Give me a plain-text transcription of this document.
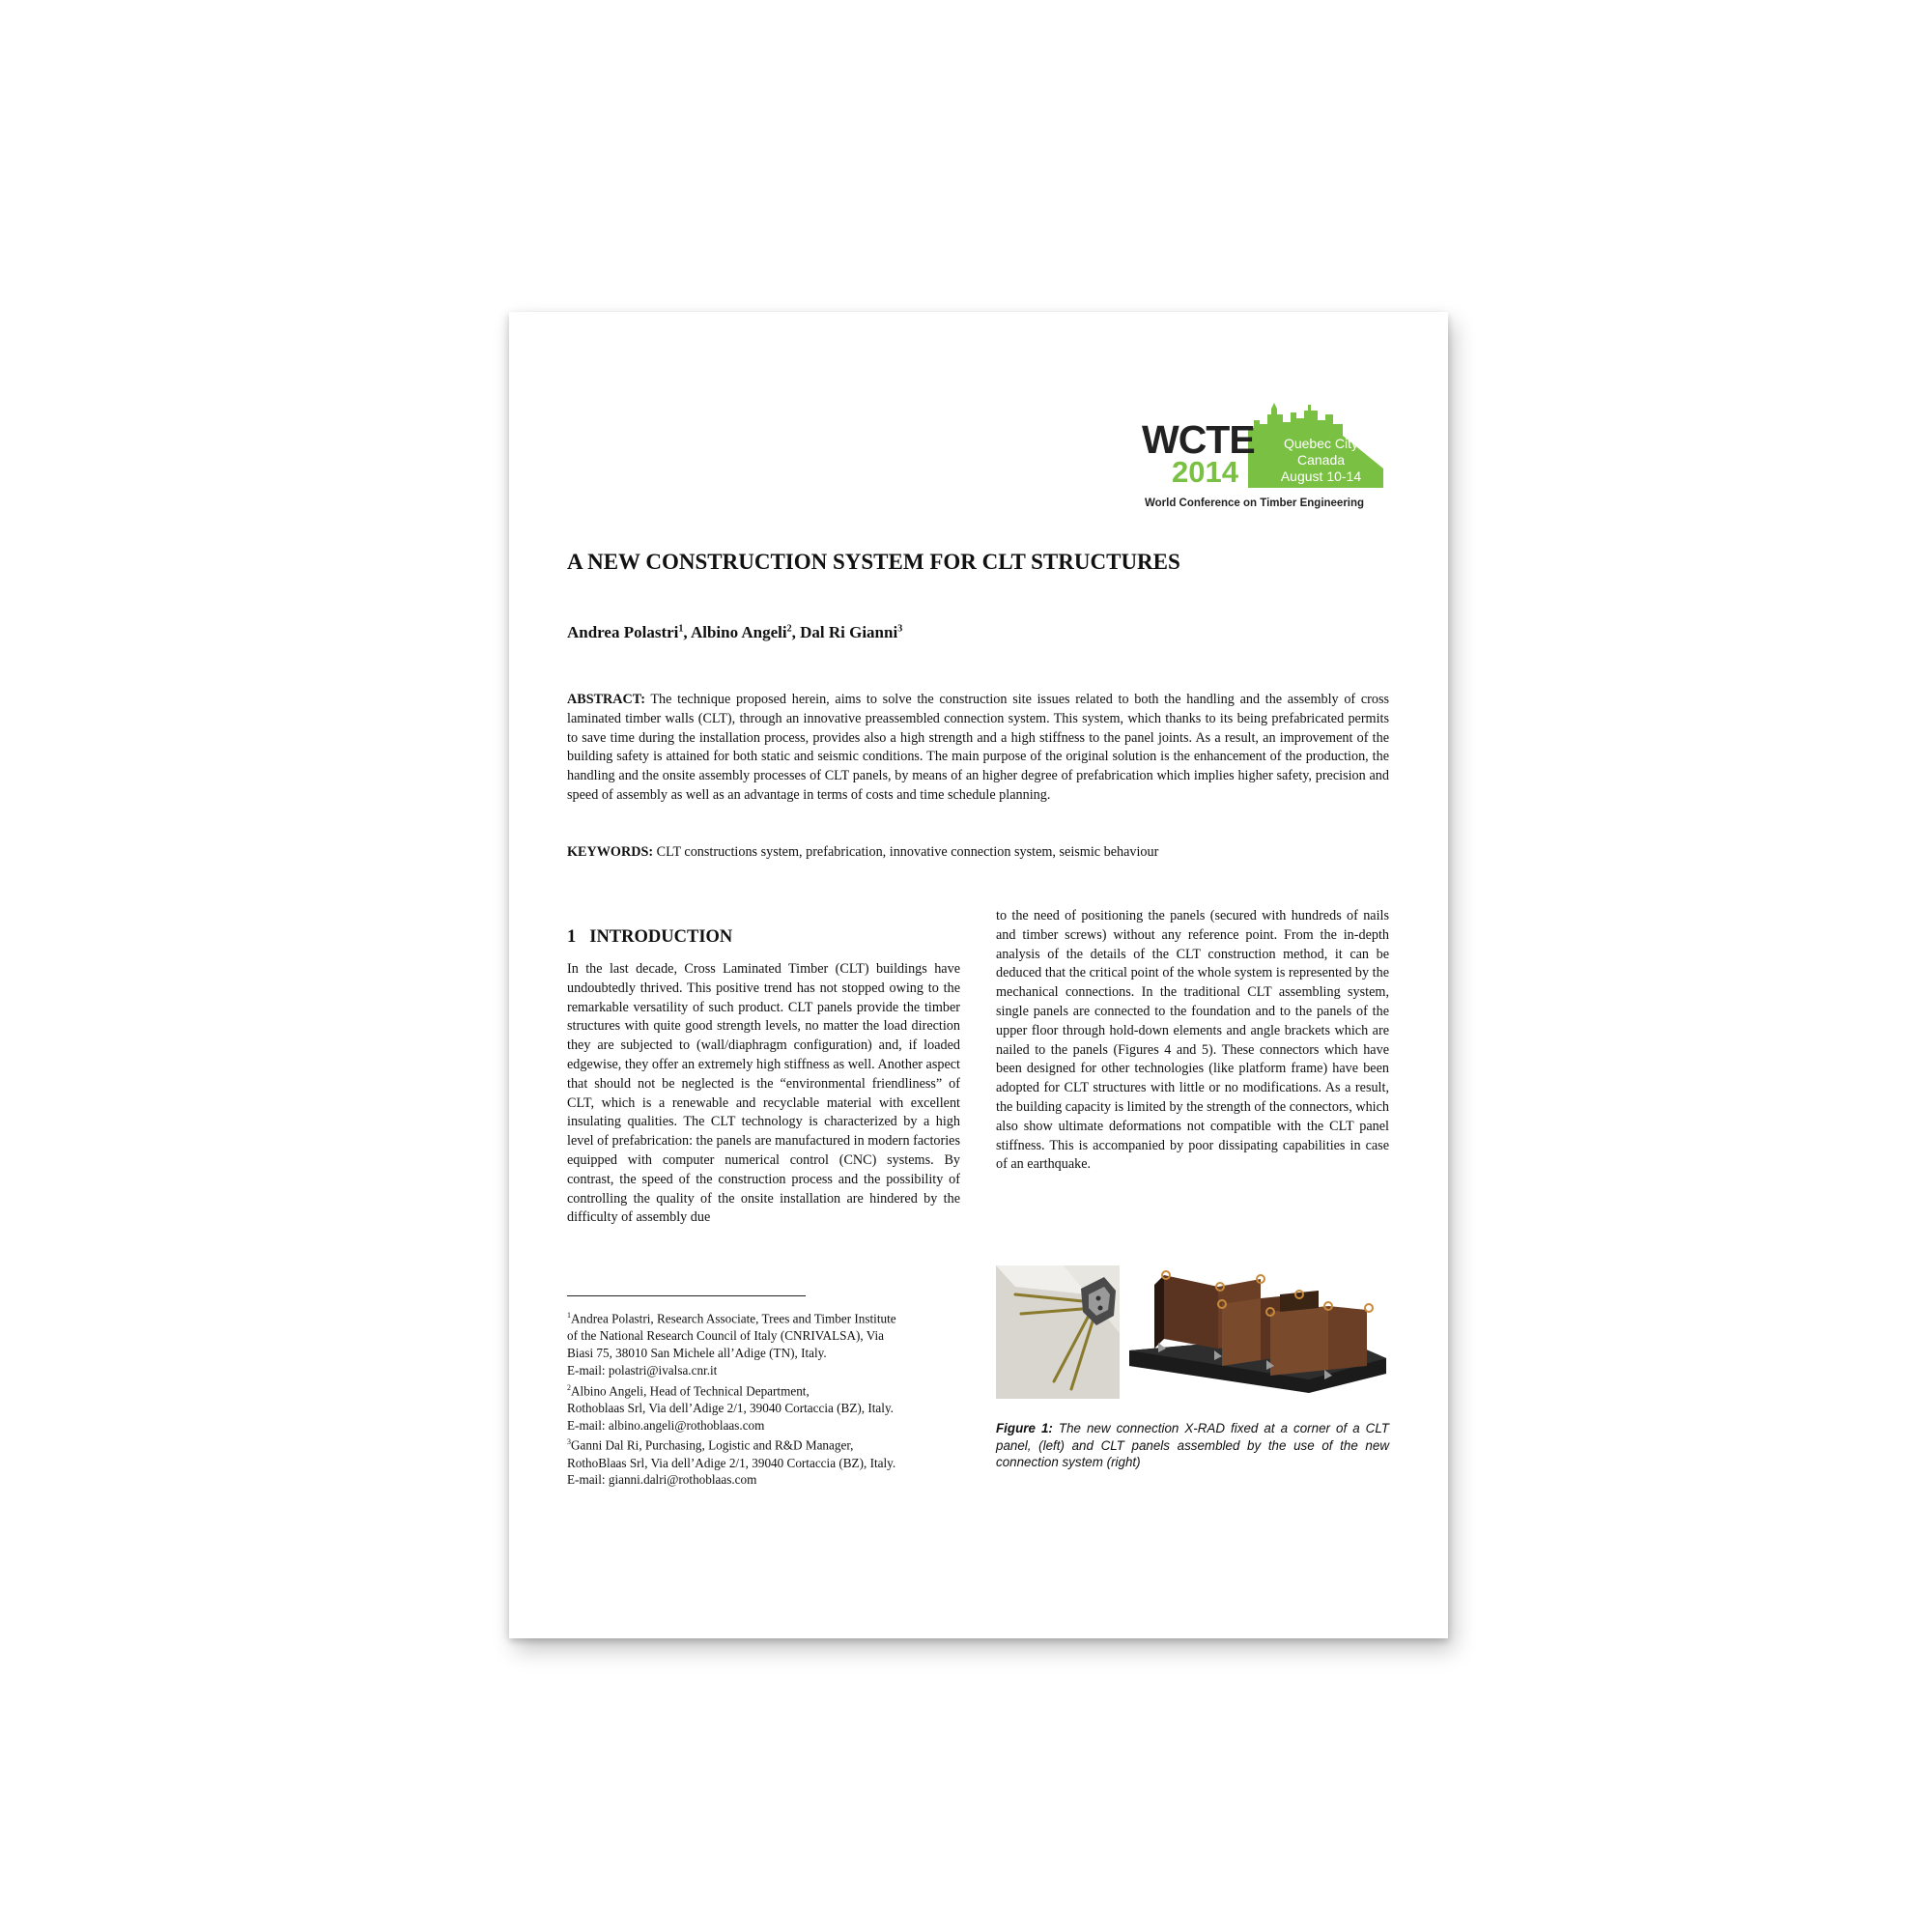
WCTE
2014
Quebec City
Canada
August 10-14
World Conference on Timber Engineering
A NEW CONSTRUCTION SYSTEM FOR CLT STRUCTURES
Andrea Polastri$^1$, Albino Angeli$^2$, Dal Ri Gianni$^3$
ABSTRACT: The technique proposed herein, aims to solve the construction site issues related to both the handling and the assembly of cross laminated timber walls (CLT), through an innovative preassembled connection system. This system, which thanks to its being prefabricated permits to save time during the installation process, provides also a high strength and a high stiffness to the panel joints. As a result, an improvement of the building safety is attained for both static and seismic conditions. The main purpose of the original solution is the enhancement of the production, the handling and the onsite assembly processes of CLT panels, by means of an higher degree of prefabrication which implies higher safety, precision and speed of assembly as well as an advantage in terms of costs and time schedule planning.
KEYWORDS: CLT constructions system, prefabrication, innovative connection system, seismic behaviour
1 INTRODUCTION
In the last decade, Cross Laminated Timber (CLT) buildings have undoubtedly thrived. This positive trend has not stopped owing to the remarkable versatility of such product. CLT panels provide the timber structures with quite good strength levels, no matter the load direction they are subjected to (wall/diaphragm configuration) and, if loaded edgewise, they offer an extremely high stiffness as well. Another aspect that should not be neglected is the “environmental friendliness” of CLT, which is a renewable and recyclable material with excellent insulating qualities. The CLT technology is characterized by a high level of prefabrication: the panels are manufactured in modern factories equipped with computer numerical control (CNC) systems. By contrast, the speed of the construction process and the possibility of controlling the quality of the onsite installation are hindered by the difficulty of assembly due
to the need of positioning the panels (secured with hundreds of nails and timber screws) without any reference point. From the in-depth analysis of the details of the CLT construction method, it can be deduced that the critical point of the whole system is represented by the mechanical connections. In the traditional CLT assembling system, single panels are connected to the foundation and to the panels of the upper floor through hold-down elements and angle brackets which are nailed to the panels (Figures 4 and 5). These connectors which have been designed for other technologies (like platform frame) have been adopted for CLT structures with little or no modifications. As a result, the building capacity is limited by the strength of the connectors, which also show ultimate deformations not compatible with the CLT panel stiffness. This is accompanied by poor dissipating capabilities in case of an earthquake.
$^1$Andrea Polastri, Research Associate, Trees and Timber Institute
of the National Research Council of Italy (CNRIVALSA), Via
Biasi 75, 38010 San Michele all’Adige (TN), Italy.
E-mail: polastri@ivalsa.cnr.it
$^2$Albino Angeli, Head of Technical Department,
Rothoblaas Srl, Via dell’Adige 2/1, 39040 Cortaccia (BZ), Italy.
E-mail: albino.angeli@rothoblaas.com
$^3$Ganni Dal Ri, Purchasing, Logistic and R&D Manager,
RothoBlaas Srl, Via dell’Adige 2/1, 39040 Cortaccia (BZ), Italy.
E-mail: gianni.dalri@rothoblaas.com
Figure 1: The new connection X-RAD fixed at a corner of a CLT panel, (left) and CLT panels assembled by the use of the new connection system (right)
